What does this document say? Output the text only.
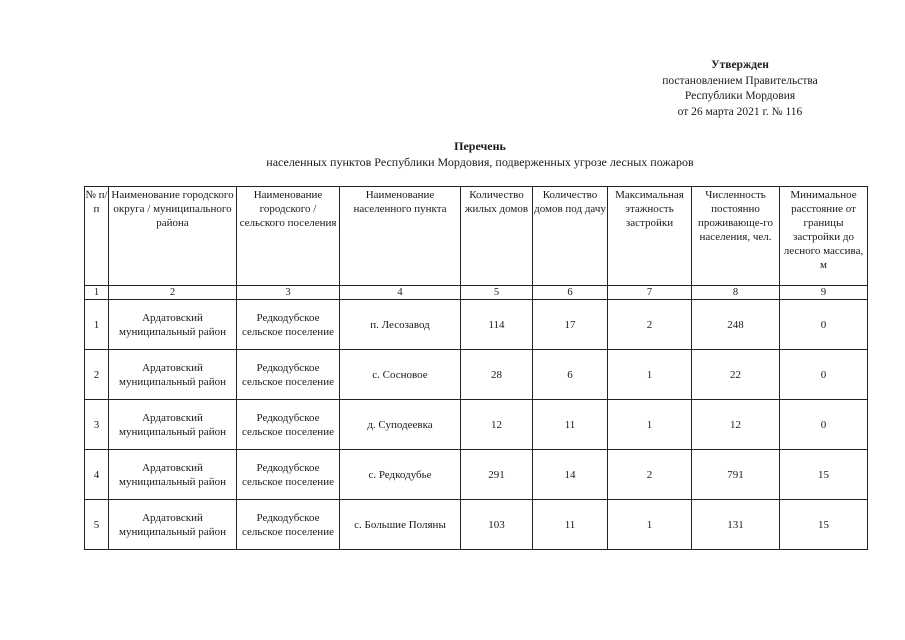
Утвержден
постановлением Правительства
Республики Мордовия
от 26 марта 2021 г. № 116
Перечень
населенных пунктов Республики Мордовия, подверженных угрозе лесных пожаров
№ п/п	Наименование городского округа / муниципального района	Наименование городского / сельского поселения	Наименование населенного пункта	Количество жилых домов	Количество домов под дачу	Максимальная этажность застройки	Численность постоянно проживающе-го населения, чел.	Минимальное расстояние от границы застройки до лесного массива, м
1	2	3	4	5	6	7	8	9
1	Ардатовский муниципальный район	Редкодубское сельское поселение	п. Лесозавод	114	17	2	248	0
2	Ардатовский муниципальный район	Редкодубское сельское поселение	с. Сосновое	28	6	1	22	0
3	Ардатовский муниципальный район	Редкодубское сельское поселение	д. Суподеевка	12	11	1	12	0
4	Ардатовский муниципальный район	Редкодубское сельское поселение	с. Редкодубье	291	14	2	791	15
5	Ардатовский муниципальный район	Редкодубское сельское поселение	с. Большие Поляны	103	11	1	131	15
